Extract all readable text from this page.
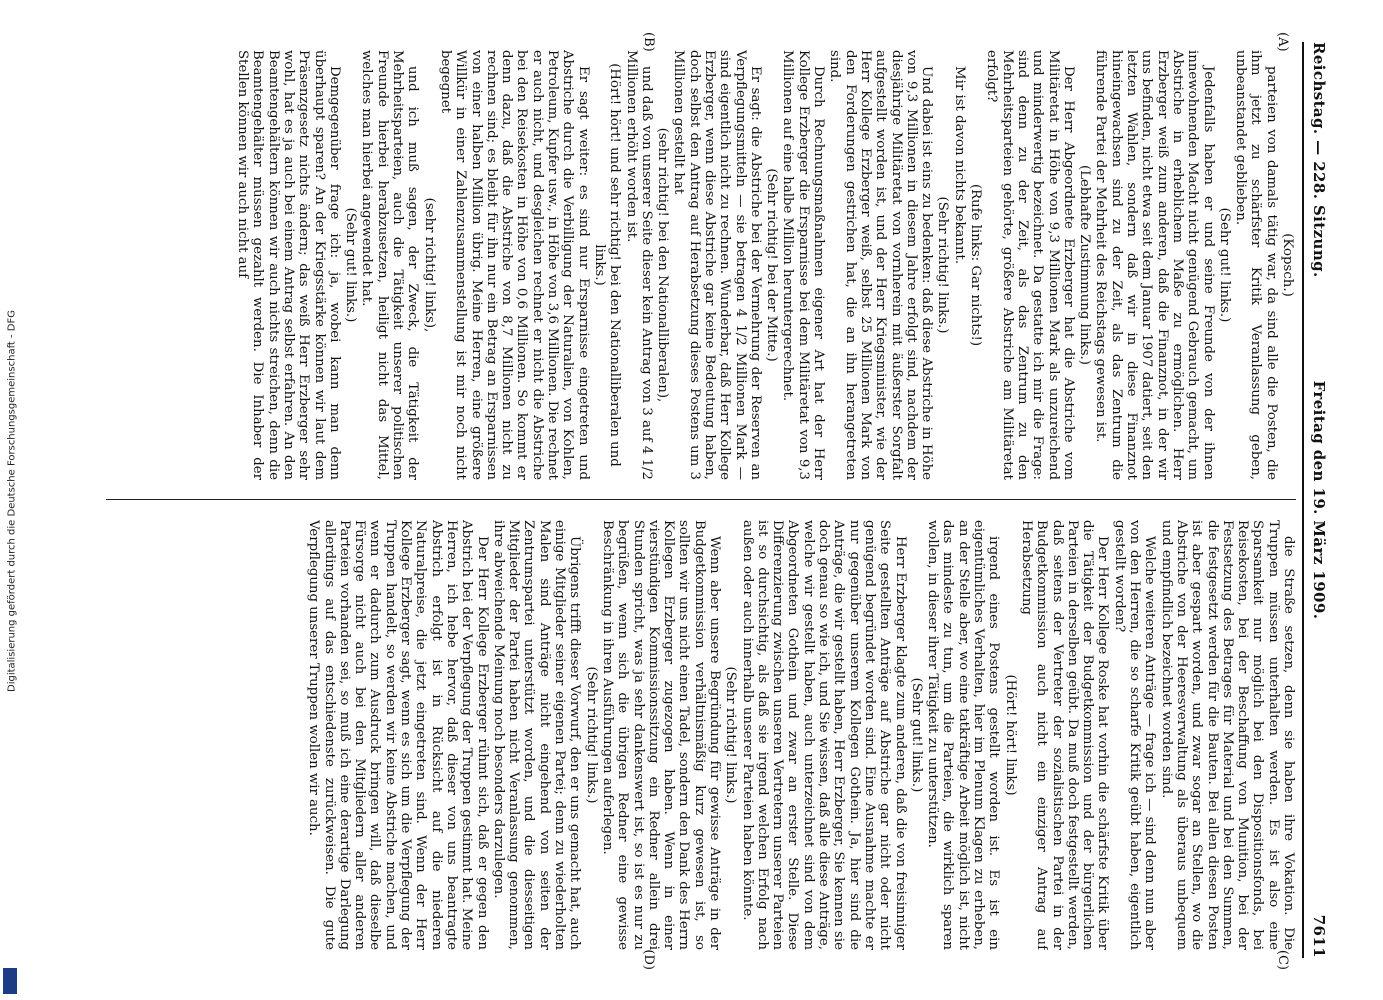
Digitalisierung gefördert durch die Deutsche Forschungsgemeinschaft - DFG
Reichstag. — 228. Sitzung.
Freitag den 19. März 1909.
7611
(A)
(B)
(C)
(D)

(Kopsch.)

parteien von damals tätig war, da sind alle die Posten, die ihm jetzt zu schärfster Kritik Veranlassung geben, unbeanstandet geblieben.

(Sehr gut! links.)

Jedenfalls haben er und seine Freunde von der ihnen innewohnenden Macht nicht genügend Gebrauch gemacht, um Abstriche in erheblichem Maße zu ermöglichen. Herr Erzberger weiß zum anderen, daß die Finanznot, in der wir uns befinden, nicht etwa seit dem Januar 1907 datiert, seit den letzten Wahlen, sondern daß wir in diese Finanznot hineingewachsen sind zu der Zeit, als das Zentrum die führende Partei der Mehrheit des Reichstags gewesen ist.

(Lebhafte Zustimmung links.)

Der Herr Abgeordnete Erzberger hat die Abstriche vom Militäretat in Höhe von 9,3 Millionen Mark als unzureichend und minderwertig bezeichnet. Da gestatte ich mir die Frage: sind denn zu der Zeit, als das Zentrum zu den Mehrheitsparteien gehörte, größere Abstriche am Militäretat erfolgt?

(Rufe links: Gar nichts!)

Mir ist davon nichts bekannt.

(Sehr richtig! links.)

Und dabei ist eins zu bedenken: daß diese Abstriche in Höhe von 9,3 Millionen in diesem Jahre erfolgt sind, nachdem der diesjährige Militäretat von vornherein mit äußerster Sorgfalt aufgestellt worden ist, und der Herr Kriegsminister, wie der Herr Kollege Erzberger weiß, selbst 25 Millionen Mark von den Forderungen gestrichen hat, die an ihn herangetreten sind.

Durch Rechnungsmaßnahmen eigener Art hat der Herr Kollege Erzberger die Ersparnisse bei dem Militäretat von 9,3 Millionen auf eine halbe Million heruntergerechnet.

(Sehr richtig! bei der Mitte.)

Er sagt: die Abstriche bei der Vermehrung der Reserven an Verpflegungsmitteln — sie betragen 4 1/2 Millionen Mark — sind eigentlich nicht zu rechnen. Wunderbar, daß Herr Kollege Erzberger, wenn diese Abstriche gar keine Bedeutung haben, doch selbst den Antrag auf Herabsetzung dieses Postens um 3 Millionen gestellt hat

(sehr richtig! bei den Nationalliberalen),

und daß von unserer Seite dieser kein Antrag von 3 auf 4 1/2 Millionen erhöht worden ist.

(Hört! hört! und sehr richtig! bei den Nationalliberalen und links.)

Er sagt weiter: es sind nur Ersparnisse eingetreten und Abstriche durch die Verbilligung der Naturalien, von Kohlen, Petroleum, Kupfer usw., in Höhe von 3,6 Millionen. Die rechnet er auch nicht, und desgleichen rechnet er nicht die Abstriche bei den Reisekosten in Höhe von 0,6 Millionen. So kommt er denn dazu, daß die Abstriche von 8,7 Millionen nicht zu rechnen sind; es bleibt für ihn nur ein Betrag an Ersparnissen von einer halben Million übrig. Meine Herren, eine größere Willkür in einer Zahlenzusammenstellung ist mir noch nicht begegnet

(sehr richtig! links),

und ich muß sagen, der Zweck, die Tätigkeit der Mehrheitsparteien, auch die Tätigkeit unserer politischen Freunde hierbei herabzusetzen, heiligt nicht das Mittel, welches man hierbei angewendet hat.

(Sehr gut! links.)

Demgegenüber frage ich: ja, wobei kann man denn überhaupt sparen? An der Kriegsstärke können wir laut dem Präsenzgesetz nichts ändern; das weiß Herr Erzberger sehr wohl, hat es ja auch bei einem Antrag selbst erfahren. An den Beamtengehältern können wir auch nichts streichen, denn die Beamtengehälter müssen gezahlt werden. Die Inhaber der Stellen können wir auch nicht auf

die Straße setzen, denn sie haben ihre Vokation. Die Truppen müssen unterhalten werden. Es ist also eine Sparsamkeit nur möglich bei den Dispositionsfonds, bei Reisekosten, bei der Beschaffung von Munition, bei der Festsetzung des Betrages für Material und bei den Summen, die festgesetzt werden für die Bauten. Bei allen diesen Posten ist aber gespart worden, und zwar sogar an Stellen, wo die Abstriche von der Heeresverwaltung als überaus unbequem und empfindlich bezeichnet worden sind.

Welche weiteren Anträge — frage ich — sind denn nun aber von den Herren, die so scharfe Kritik geübt haben, eigentlich gestellt worden?

Der Herr Kollege Roske hat vorhin die schärfste Kritik über die Tätigkeit der Budgetkommission und der bürgerlichen Parteien in derselben geübt. Da muß doch festgestellt werden, daß seitens der Vertreter der sozialistischen Partei in der Budgetkommission auch nicht ein einziger Antrag auf Herabsetzung

(Hört! hört! links)

irgend eines Postens gestellt worden ist. Es ist ein eigentümliches Verhalten, hier im Plenum Klagen zu erheben, an der Stelle aber, wo eine tatkräftige Arbeit möglich ist, nicht das mindeste zu tun, um die Parteien, die wirklich sparen wollen, in dieser ihrer Tätigkeit zu unterstützen.

(Sehr gut! links.)

Herr Erzberger klagte zum anderen, daß die von freisinniger Seite gestellten Anträge auf Abstriche gar nicht oder nicht genügend begründet worden sind. Eine Ausnahme machte er nur gegenüber unserem Kollegen Gothein. Ja, hier sind die Anträge, die wir gestellt haben, Herr Erzberger, Sie kennen sie doch genau so wie ich, und Sie wissen, daß alle diese Anträge, welche wir gestellt haben, auch unterzeichnet sind von dem Abgeordneten Gothein und zwar an erster Stelle. Diese Differenzierung zwischen unseren Vertretern unserer Parteien ist so durchsichtig, als daß sie irgend welchen Erfolg nach außen oder auch innerhalb unserer Parteien haben könnte.

(Sehr richtig! links.)

Wenn aber unsere Begründung für gewisse Anträge in der Budgetkommission verhältnismäßig kurz gewesen ist, so sollten wir uns nicht einen Tadel, sondern den Dank des Herrn Kollegen Erzberger zugezogen haben. Wenn in einer vierstündigen Kommissionssitzung ein Redner allein drei Stunden spricht, was ja sehr dankenswert ist, so ist es nur zu begrüßen, wenn sich die übrigen Redner eine gewisse Beschränkung in ihren Ausführungen auferlegen.

(Sehr richtig! links.)

Übrigens trifft dieser Vorwurf, den er uns gemacht hat, auch einige Mitglieder seiner eigenen Partei; denn zu wiederholten Malen sind Anträge nicht eingehend von seiten der Zentrumspartei unterstützt worden, und die diesseitigen Mitglieder der Partei haben nicht Veranlassung genommen, ihre abweichende Meinung noch besonders darzulegen.

Der Herr Kollege Erzberger rühmt sich, daß er gegen den Abstrich bei der Verpflegung der Truppen gestimmt hat. Meine Herren, ich hebe hervor, daß dieser von uns beantragte Abstrich erfolgt ist in Rücksicht auf die niederen Naturalpreise, die jetzt eingetreten sind. Wenn der Herr Kollege Erzberger sagt, wenn es sich um die Verpflegung der Truppen handelt, so werden wir keine Abstriche machen, und wenn er dadurch zum Ausdruck bringen will, daß dieselbe Fürsorge nicht auch bei den Mitgliedern aller anderen Parteien vorhanden sei, so muß ich eine derartige Darlegung allerdings auf das entschiedenste zurückweisen. Die gute Verpflegung unserer Truppen wollen wir auch.
